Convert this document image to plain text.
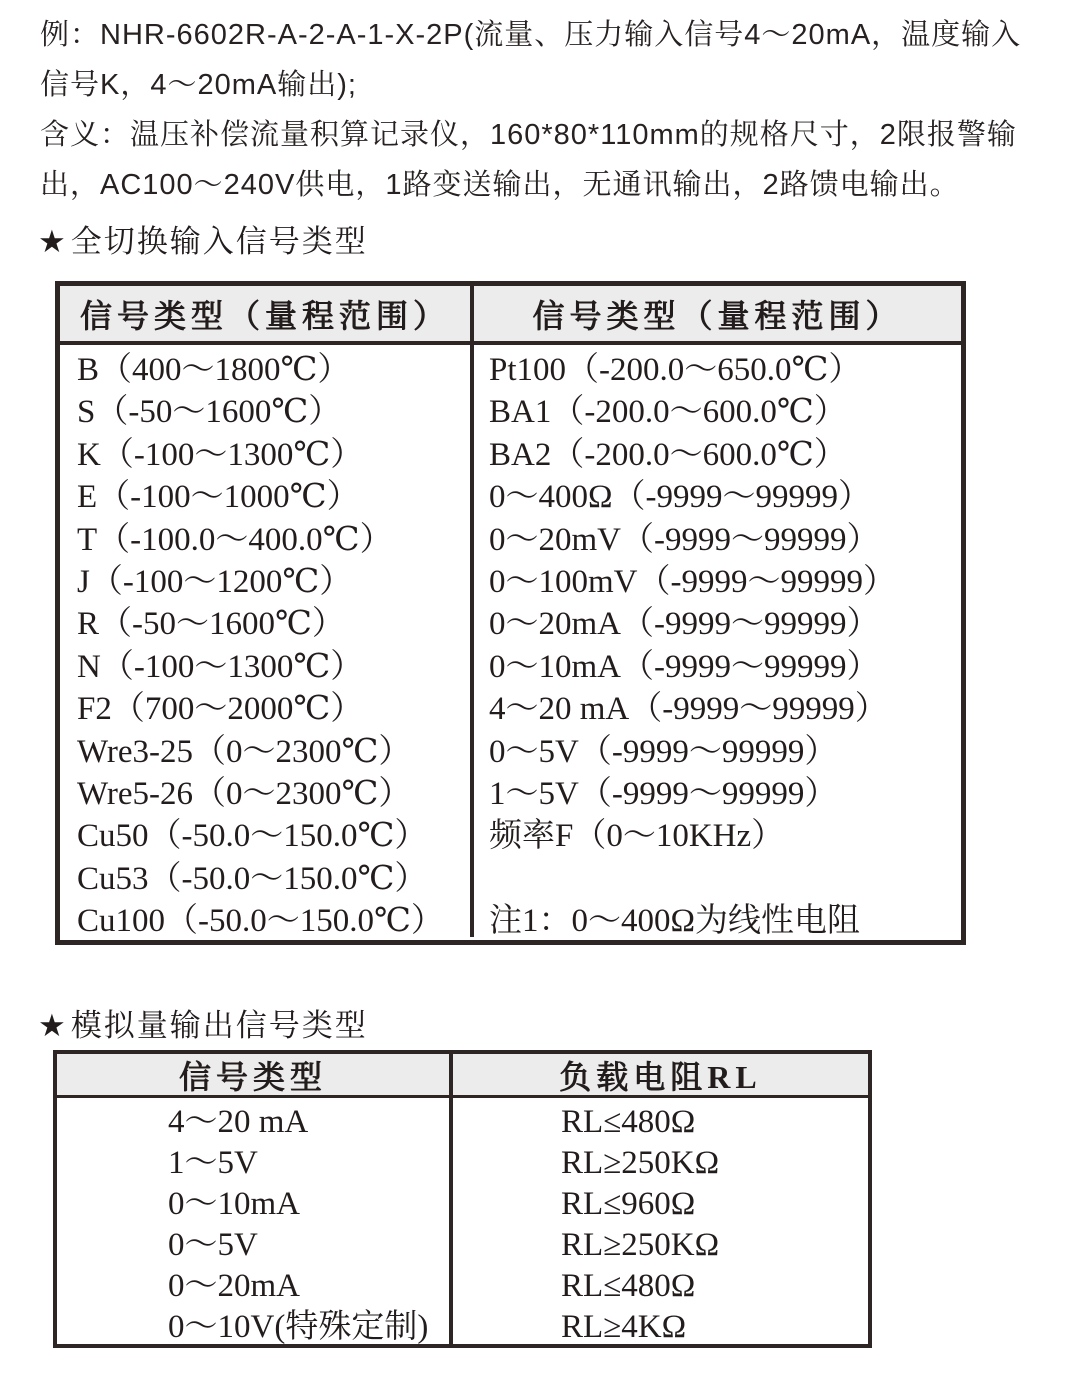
例：NHR-6602R-A-2-A-1-X-2P(流量、压力输入信号4～20mA，温度输入
信号K，4～20mA输出);
含义：温压补偿流量积算记录仪，160*80*110mm的规格尺寸，2限报警输
出，AC100～240V供电，1路变送输出，无通讯输出，2路馈电输出。
★全切换输入信号类型
信号类型（量程范围）	信号类型（量程范围）
B（400～1800℃）
S（-50～1600℃）
K（-100～1300℃）
E（-100～1000℃）
T（-100.0～400.0℃）
J（-100～1200℃）
R（-50～1600℃）
N（-100～1300℃）
F2（700～2000℃）
Wre3-25（0～2300℃）
Wre5-26（0～2300℃）
Cu50（-50.0～150.0℃）
Cu53（-50.0～150.0℃）
Cu100（-50.0～150.0℃）
Pt100（-200.0～650.0℃）
BA1（-200.0～600.0℃）
BA2（-200.0～600.0℃）
0～400Ω（-9999～99999）
0～20mV（-9999～99999）
0～100mV（-9999～99999）
0～20mA（-9999～99999）
0～10mA（-9999～99999）
4～20 mA（-9999～99999）
0～5V（-9999～99999）
1～5V（-9999～99999）
频率F（0～10KHz）

注1：0～400Ω为线性电阻
★模拟量输出信号类型
信号类型	负载电阻RL
4～20 mA
1～5V
0～10mA
0～5V
0～20mA
0～10V(特殊定制)
RL≤480Ω
RL≥250KΩ
RL≤960Ω
RL≥250KΩ
RL≤480Ω
RL≥4KΩ
